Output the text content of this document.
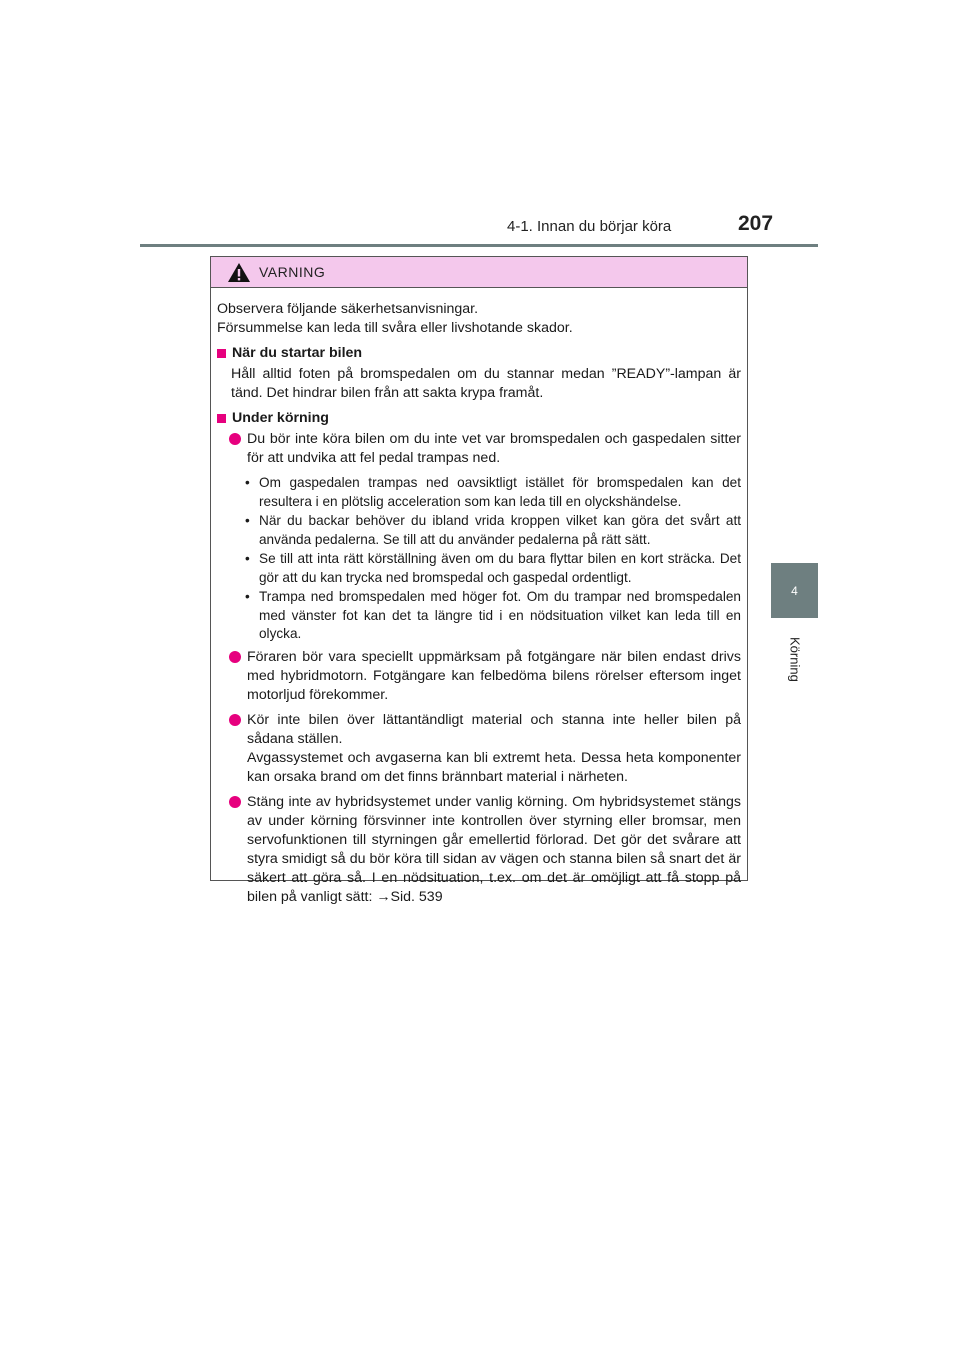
4-1. Innan du börjar köra	207
4
Körning
VARNING

Observera följande säkerhetsanvisningar.
Försummelse kan leda till svåra eller livshotande skador.

När du startar bilen

Håll alltid foten på bromspedalen om du stannar medan ”READY”-lampan är tänd. Det hindrar bilen från att sakta krypa framåt.

Under körning
Du bör inte köra bilen om du inte vet var bromspedalen och gaspedalen sitter för att undvika att fel pedal trampas ned.
• Om gaspedalen trampas ned oavsiktligt istället för bromspedalen kan det resultera i en plötslig acceleration som kan leda till en olyckshändelse.
• När du backar behöver du ibland vrida kroppen vilket kan göra det svårt att använda pedalerna. Se till att du använder pedalerna på rätt sätt.
• Se till att inta rätt körställning även om du bara flyttar bilen en kort sträcka. Det gör att du kan trycka ned bromspedal och gaspedal ordentligt.
• Trampa ned bromspedalen med höger fot. Om du trampar ned bromspedalen med vänster fot kan det ta längre tid i en nödsituation vilket kan leda till en olycka.
Föraren bör vara speciellt uppmärksam på fotgängare när bilen endast drivs med hybridmotorn. Fotgängare kan felbedöma bilens rörelser eftersom inget motorljud förekommer.
Kör inte bilen över lättantändligt material och stanna inte heller bilen på sådana ställen.
Avgassystemet och avgaserna kan bli extremt heta. Dessa heta komponenter kan orsaka brand om det finns brännbart material i närheten.
Stäng inte av hybridsystemet under vanlig körning. Om hybridsystemet stängs av under körning försvinner inte kontrollen över styrning eller bromsar, men servofunktionen till styrningen går emellertid förlorad. Det gör det svårare att styra smidigt så du bör köra till sidan av vägen och stanna bilen så snart det är säkert att göra så. I en nödsituation, t.ex. om det är omöjligt att få stopp på bilen på vanligt sätt: →Sid. 539
